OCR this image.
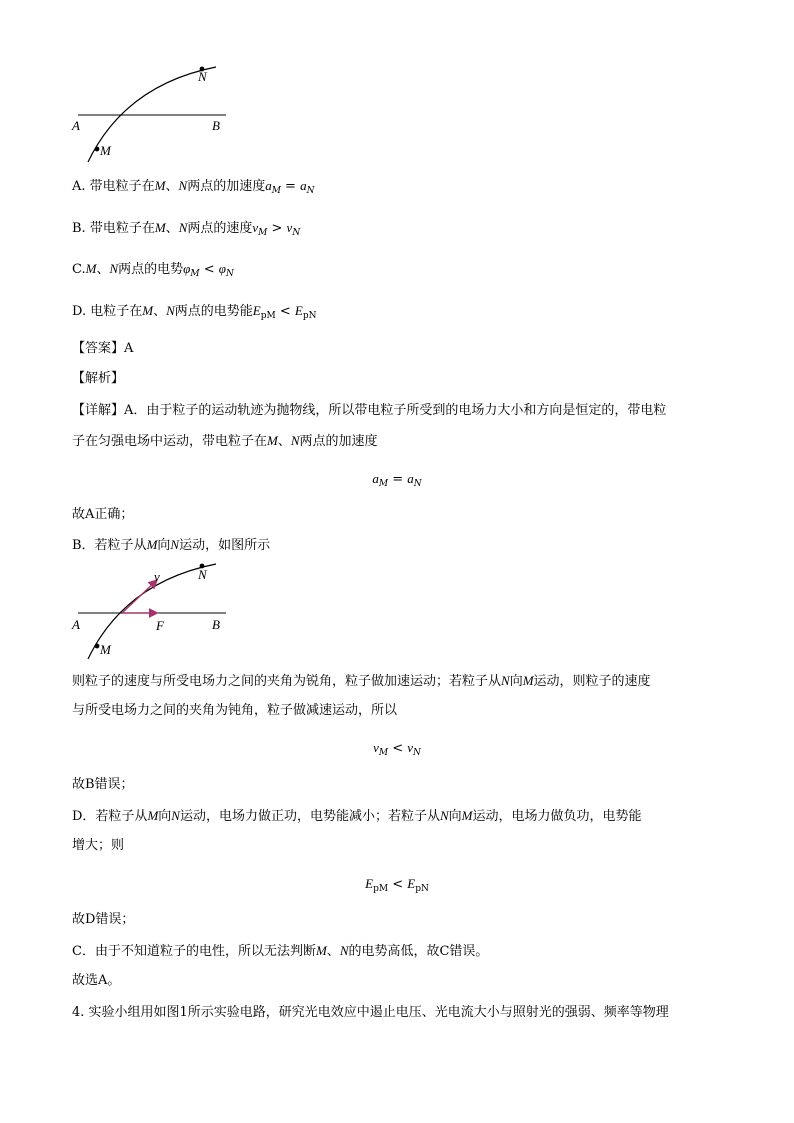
A	B
M
N
A. 带电粒子在M、N两点的加速度$a_M = a_N$
B. 带电粒子在M、N两点的速度$v_M > v_N$
C.M、N两点的电势$\varphi_M < \varphi_N$
D. 电粒子在M、N两点的电势能$E_{pM} < E_{pN}$
【答案】A
【解析】
【详解】A．由于粒子的运动轨迹为抛物线，所以带电粒子所受到的电场力大小和方向是恒定的，带电粒
子在匀强电场中运动，带电粒子在M、N两点的加速度
$a_M = a_N$
故A正确；
B．若粒子从M向N运动，如图所示
v
F
A	B
M
N
则粒子的速度与所受电场力之间的夹角为锐角，粒子做加速运动；若粒子从N向M运动，则粒子的速度
与所受电场力之间的夹角为钝角，粒子做减速运动，所以
$v_M < v_N$
故B错误；
D．若粒子从M向N运动，电场力做正功，电势能减小；若粒子从N向M运动，电场力做负功，电势能
增大；则
$E_{pM} < E_{pN}$
故D错误；
C．由于不知道粒子的电性，所以无法判断M、N的电势高低，故C错误。
故选A。
4. 实验小组用如图1所示实验电路，研究光电效应中遏止电压、光电流大小与照射光的强弱、频率等物理
